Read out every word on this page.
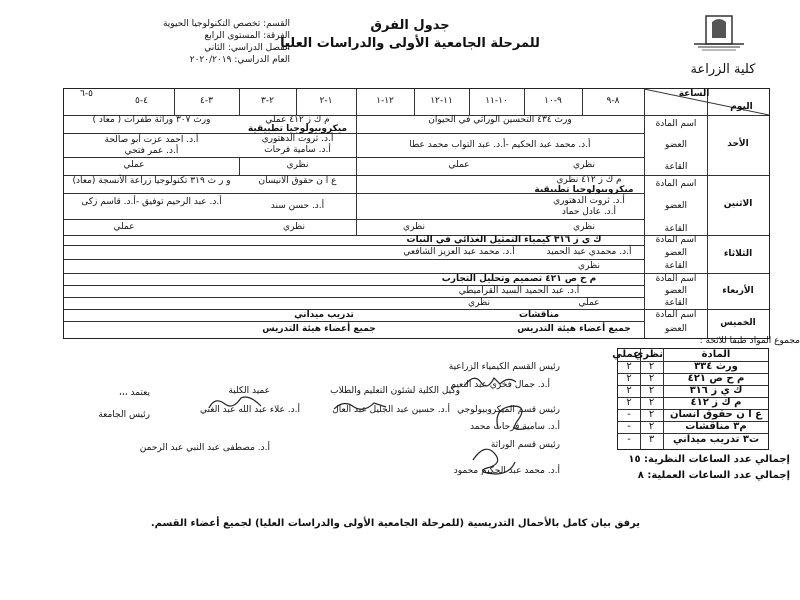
كلية الزراعة
جدول الفرق
للمرحلة الجامعية الأولى والدراسات العليا
القسم: تخصص التكنولوجيا الحيوية
الفرقة: المستوى الرابع
الفصل الدراسي: الثاني
العام الدراسي: ٢٠٢٠/٢٠١٩
الساعة
اليوم
٨-٩
٩-١٠
١٠-١١
١١-١٢
١٢-١
١-٢
٢-٣
٣-٤
٤-٥
٥-٦
اسم المادة
العضو
القاعة
اسم المادة
العضو
القاعة
اسم المادة
العضو
القاعة
اسم المادة
العضو
القاعة
اسم المادة
العضو
الأحد
الاثنين
الثلاثاء
الأربعاء
الخميس
ورث ٤٣٤ التحسين الوراثي في الحيوان
م ك ز ٤١٢ عملي
ميكروبيولوجيا تطبيقية
ورث ٣٠٧ وراثة طفرات ( معاد )
أ.د. محمد عبد الحكيم -أ.د. عبد التواب محمد عطا
أ.د. ثروت الدهتوري
أ.د. سامية فرحات
أ.د. احمد عزت أبو صالحة
أ.د. عمر فتحي
نظري
عملي
نظري
عملي
م ك ز ٤١٢ نظري
ميكروبيولوجيا تطبيقية
ع ا ن حقوق الانيسان
و ر ث ٣١٩ تكنولوجيا زراعة الأنسجة (معاد)
أ.د. ثروت الدهتوري
أ.د. عادل حماد
أ.د. حسن سند
أ.د. عبد الرحيم توفيق -أ.د. قاسم زكى
نظري
نظري
نظري
عملي
ك ي ز ٣١٦ كيمياء التمثيل الغذائي في النبات
أ.د. محمدي عبد الحميد
أ.د. محمد عبد العزيز الشافعي
نظري
م ح ص ٤٢١ تصميم وتحليل التجارب
أ.د. عبد الحميد السيد القراميطي
عملي
نظري
مناقشات
تدريب ميداني
جميع أعضاء هيئة التدريس
جميع أعضاء هيئة التدريس
مجموع المواد طبقا للائحة :
المادة
نظري
عملي
ورث ٣٣٤
٢
٢
م ح ص ٤٢١
٢
٢
ك ي ز ٣١٦
٢
٢
م ك ز ٤١٢
٢
٢
ع ا ن حقوق انسان
٢
-
م٣ مناقشات
٢
-
ت٣ تدريب ميداني
٣
-
إجمالي عدد الساعات النظرية: ١٥
إجمالي عدد الساعات العملية: ٨
رئيس القسم الكيمياء الزراعية
أ.د. جمال فخري عبد النعيم
رئيس قسم الميكروبيولوجي
أ.د. سامية فرحات محمد
رئيس قسم الوراثة
أ.د. محمد عبد الحكيم محمود
وكيل الكلية لشئون التعليم والطلاب
أ.د. حسين عبد الجليل عبد العال
عميد الكلية
أ.د. علاء عبد الله عبد الغني
يعتمد ،،،
رئيس الجامعة
أ.د. مصطفى عبد النبي عبد الرحمن
يرفق بيان كامل بالأحمال التدريسية (للمرحلة الجامعية الأولى والدراسات العليا) لجميع أعضاء القسم.
